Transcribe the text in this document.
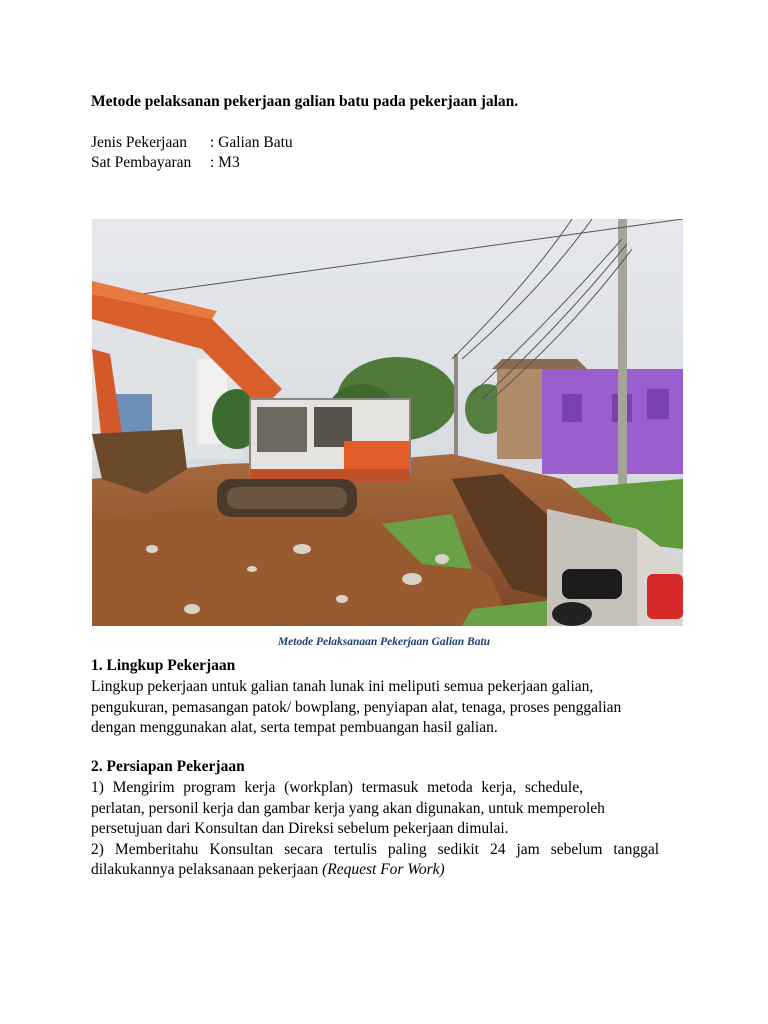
Metode pelaksanan pekerjaan galian batu pada pekerjaan jalan.
Jenis Pekerjaan : Galian Batu
Sat Pembayaran : M3
Metode Pelaksanaan Pekerjaan Galian Batu
1. Lingkup Pekerjaan
Lingkup pekerjaan untuk galian tanah lunak ini meliputi semua pekerjaan galian,
pengukuran, pemasangan patok/ bowplang, penyiapan alat, tenaga, proses penggalian
dengan menggunakan alat, serta tempat pembuangan hasil galian.
2. Persiapan Pekerjaan
1) Mengirim program kerja (workplan) termasuk metoda kerja, schedule,
perlatan, personil kerja dan gambar kerja yang akan digunakan, untuk memperoleh
persetujuan dari Konsultan dan Direksi sebelum pekerjaan dimulai.
2) Memberitahu Konsultan secara tertulis paling sedikit 24 jam sebelum tanggal
dilakukannya pelaksanaan pekerjaan (Request For Work)
